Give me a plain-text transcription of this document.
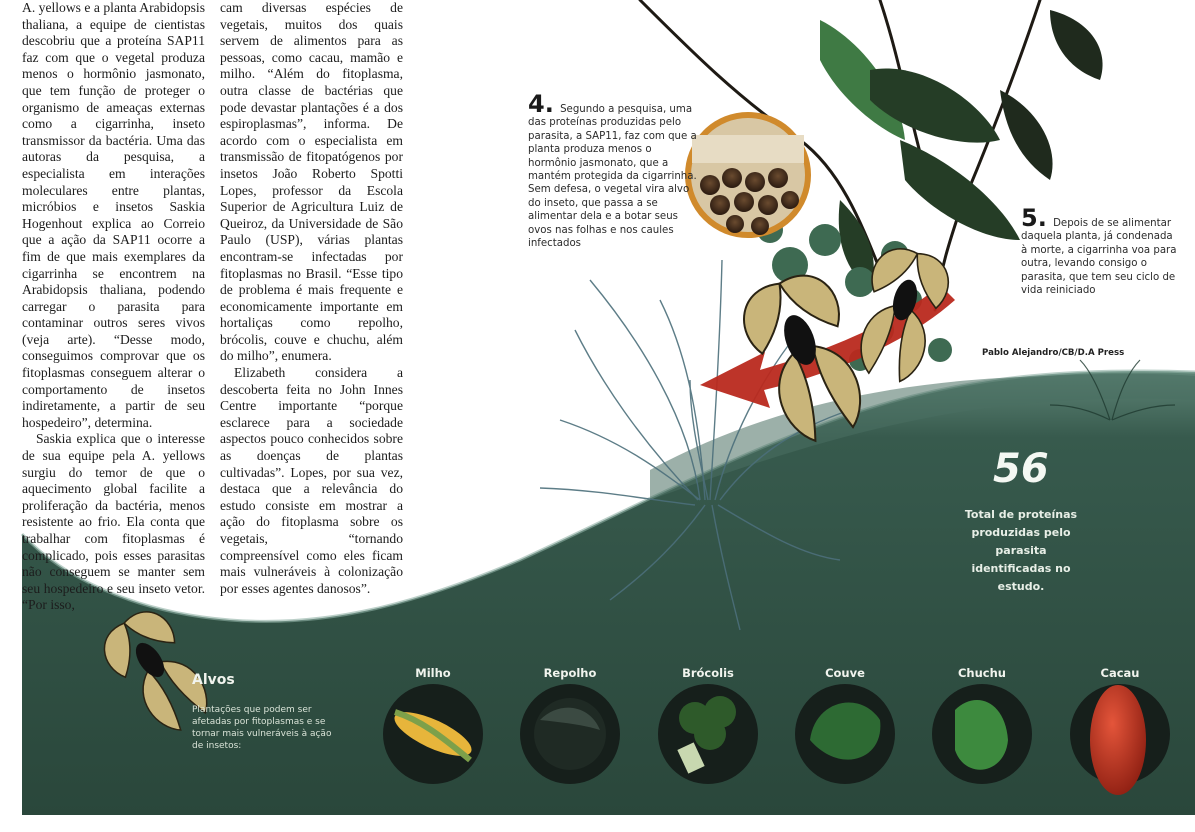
A. yellows e a planta Arabidopsis thaliana, a equipe de cientistas descobriu que a proteína SAP11 faz com que o vegetal produza menos o hormônio jasmonato, que tem função de proteger o organismo de ameaças externas como a cigarrinha, inseto transmissor da bactéria. Uma das autoras da pesquisa, a especialista em interações moleculares entre plantas, micróbios e insetos Saskia Hogenhout explica ao Correio que a ação da SAP11 ocorre a fim de que mais exemplares da cigarrinha se encontrem na Arabidopsis thaliana, podendo carregar o parasita para contaminar outros seres vivos (veja arte). “Desse modo, conseguimos comprovar que os fitoplasmas conseguem alterar o comportamento de insetos indiretamente, a partir de seu hospedeiro”, determina.

Saskia explica que o interesse de sua equipe pela A. yellows surgiu do temor de que o aquecimento global facilite a proliferação da bactéria, menos resistente ao frio. Ela conta que trabalhar com fitoplasmas é complicado, pois esses parasitas não conseguem se manter sem seu hospedeiro e seu inseto vetor. “Por isso,

cam diversas espécies de vegetais, muitos dos quais servem de alimentos para as pessoas, como cacau, mamão e milho. “Além do fitoplasma, outra classe de bactérias que pode devastar plantações é a dos espiroplasmas”, informa. De acordo com o especialista em transmissão de fitopatógenos por insetos João Roberto Spotti Lopes, professor da Escola Superior de Agricultura Luiz de Queiroz, da Universidade de São Paulo (USP), várias plantas encontram-se infectadas por fitoplasmas no Brasil. “Esse tipo de problema é mais frequente e economicamente importante em hortaliças como repolho, brócolis, couve e chuchu, além do milho”, enumera.

Elizabeth considera a descoberta feita no John Innes Centre importante “porque esclarece para a sociedade aspectos pouco conhecidos sobre as doenças de plantas cultivadas”. Lopes, por sua vez, destaca que a relevância do estudo consiste em mostrar a ação do fitoplasma sobre os vegetais, “tornando compreensível como eles ficam mais vulneráveis à colonização por esses agentes danosos”.

4. Segundo a pesquisa, uma das proteínas produzidas pelo parasita, a SAP11, faz com que a planta produza menos o hormônio jasmonato, que a mantém protegida da cigarrinha. Sem defesa, o vegetal vira alvo do inseto, que passa a se alimentar dela e a botar seus ovos nas folhas e nos caules infectados
5. Depois de se alimentar daquela planta, já condenada à morte, a cigarrinha voa para outra, levando consigo o parasita, que tem seu ciclo de vida reiniciado
Pablo Alejandro/CB/D.A Press
56
Total de proteínas produzidas pelo parasita identificadas no estudo.
Alvos
Plantações que podem ser afetadas por fitoplasmas e se tornar mais vulneráveis à ação de insetos:
Milho	Repolho	Brócolis	Couve	Chuchu	Cacau
